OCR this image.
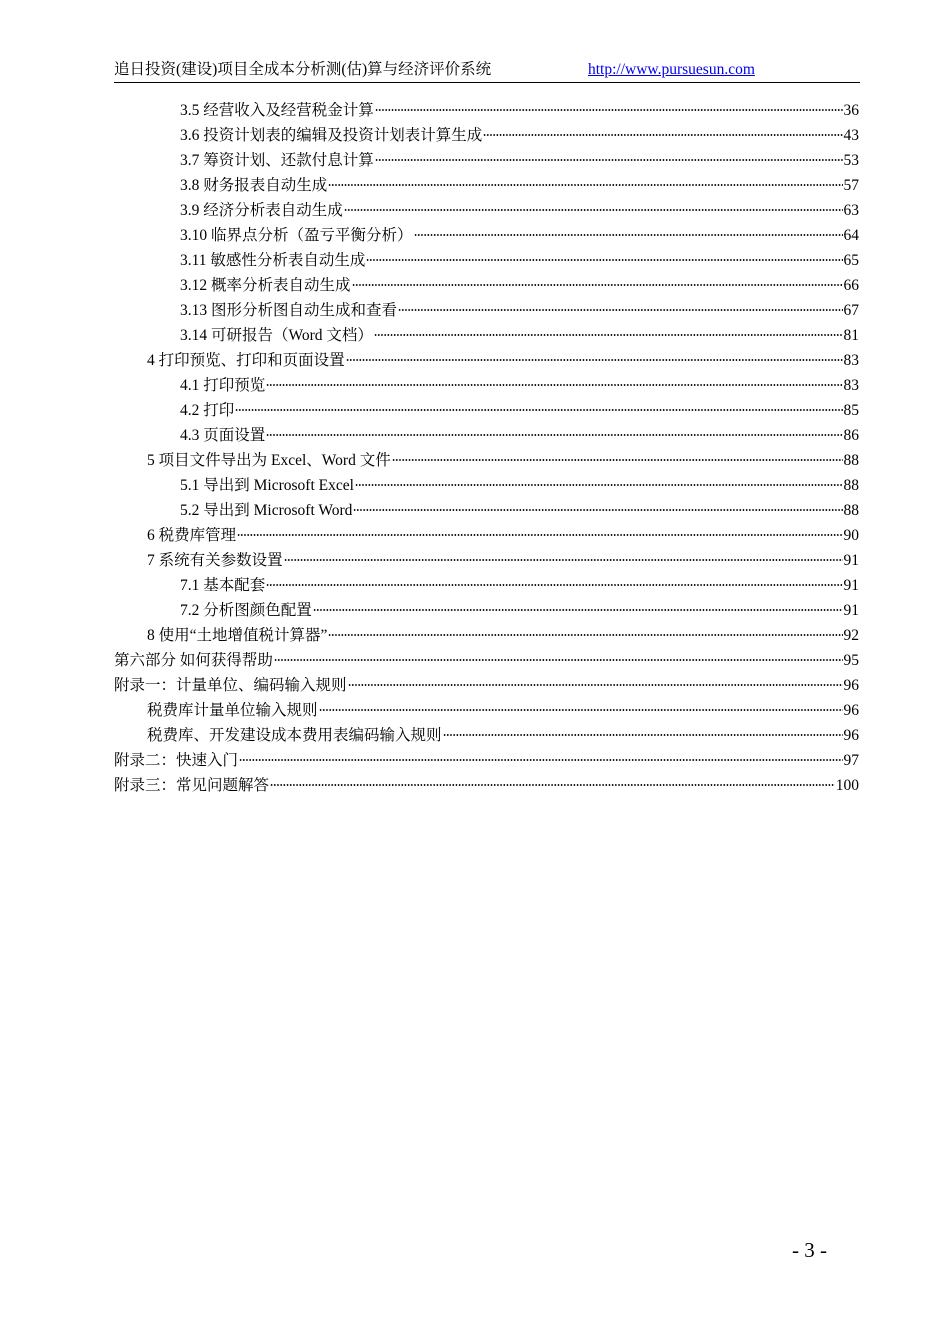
追日投资(建设)项目全成本分析测(估)算与经济评价系统	http://www.pursuesun.com
3.5 经营收入及经营税金计算	36
3.6 投资计划表的编辑及投资计划表计算生成	43
3.7 筹资计划、还款付息计算	53
3.8 财务报表自动生成	57
3.9 经济分析表自动生成	63
3.10 临界点分析（盈亏平衡分析）	64
3.11 敏感性分析表自动生成	65
3.12 概率分析表自动生成	66
3.13 图形分析图自动生成和查看	67
3.14 可研报告（Word 文档）	81
4 打印预览、打印和页面设置	83
4.1 打印预览	83
4.2 打印	85
4.3 页面设置	86
5 项目文件导出为 Excel、Word 文件	88
5.1 导出到 Microsoft Excel	88
5.2 导出到 Microsoft Word	88
6 税费库管理	90
7 系统有关参数设置	91
7.1 基本配套	91
7.2 分析图颜色配置	91
8 使用“土地增值税计算器”	92
第六部分 如何获得帮助	95
附录一：计量单位、编码输入规则	96
税费库计量单位输入规则	96
税费库、开发建设成本费用表编码输入规则	96
附录二：快速入门	97
附录三：常见问题解答	100
- 3 -
